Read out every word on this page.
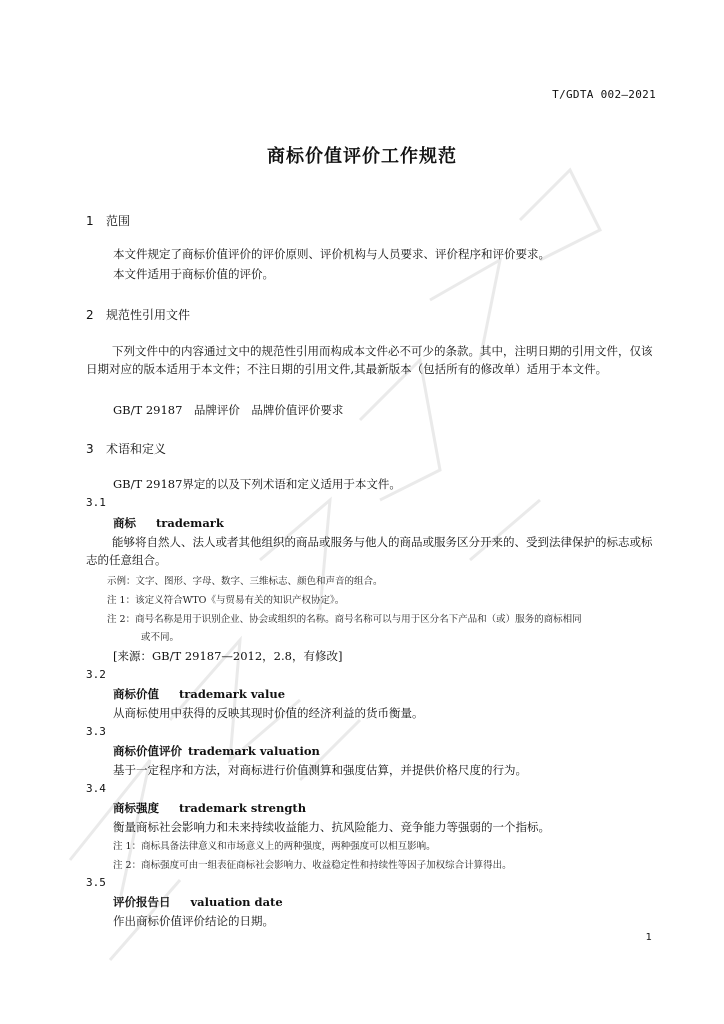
T/GDTA 002—2021
商标价值评价工作规范
1 范围
本文件规定了商标价值评价的评价原则、评价机构与人员要求、评价程序和评价要求。
本文件适用于商标价值的评价。
2 规范性引用文件
下列文件中的内容通过文中的规范性引用而构成本文件必不可少的条款。其中，注明日期的引用文件，仅该日期对应的版本适用于本文件；不注日期的引用文件,其最新版本（包括所有的修改单）适用于本文件。
GB/T 29187　品牌评价　品牌价值评价要求
3 术语和定义
GB/T 29187界定的以及下列术语和定义适用于本文件。
3.1
商标 trademark
能够将自然人、法人或者其他组织的商品或服务与他人的商品或服务区分开来的、受到法律保护的标志或标志的任意组合。
示例：文字、图形、字母、数字、三维标志、颜色和声音的组合。
注 1：该定义符合WTO《与贸易有关的知识产权协定》。
注 2：商号名称是用于识别企业、协会或组织的名称。商号名称可以与用于区分名下产品和（或）服务的商标相同
或不同。
[来源：GB/T 29187—2012，2.8，有修改]
3.2
商标价值 trademark value
从商标使用中获得的反映其现时价值的经济利益的货币衡量。
3.3
商标价值评价 trademark valuation
基于一定程序和方法，对商标进行价值测算和强度估算，并提供价格尺度的行为。
3.4
商标强度 trademark strength
衡量商标社会影响力和未来持续收益能力、抗风险能力、竞争能力等强弱的一个指标。
注 1：商标具备法律意义和市场意义上的两种强度，两种强度可以相互影响。
注 2：商标强度可由一组表征商标社会影响力、收益稳定性和持续性等因子加权综合计算得出。
3.5
评价报告日 valuation date
作出商标价值评价结论的日期。
1
